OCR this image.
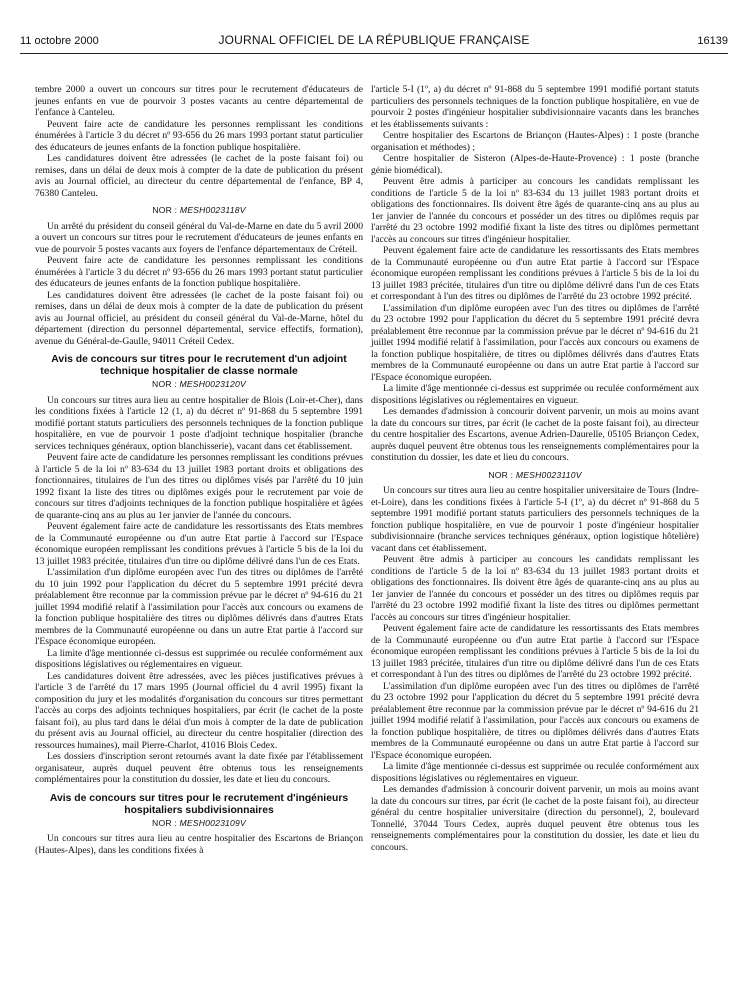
11 octobre 2000	JOURNAL OFFICIEL DE LA RÉPUBLIQUE FRANÇAISE	16139

tembre 2000 a ouvert un concours sur titres pour le recrutement d'éducateurs de jeunes enfants en vue de pourvoir 3 postes vacants au centre départemental de l'enfance à Canteleu.

Peuvent faire acte de candidature les personnes remplissant les conditions énumérées à l'article 3 du décret nº 93-656 du 26 mars 1993 portant statut particulier des éducateurs de jeunes enfants de la fonction publique hospitalière.

Les candidatures doivent être adressées (le cachet de la poste faisant foi) ou remises, dans un délai de deux mois à compter de la date de publication du présent avis au Journal officiel, au directeur du centre départemental de l'enfance, BP 4, 76380 Canteleu.

NOR : MESH0023118V

Un arrêté du président du conseil général du Val-de-Marne en date du 5 avril 2000 a ouvert un concours sur titres pour le recrutement d'éducateurs de jeunes enfants en vue de pourvoir 5 postes vacants aux foyers de l'enfance départementaux de Créteil.

Peuvent faire acte de candidature les personnes remplissant les conditions énumérées à l'article 3 du décret nº 93-656 du 26 mars 1993 portant statut particulier des éducateurs de jeunes enfants de la fonction publique hospitalière.

Les candidatures doivent être adressées (le cachet de la poste faisant foi) ou remises, dans un délai de deux mois à compter de la date de publication du présent avis au Journal officiel, au président du conseil général du Val-de-Marne, hôtel du département (direction du personnel départemental, service effectifs, formation), avenue du Général-de-Gaulle, 94011 Créteil Cedex.

Avis de concours sur titres pour le recrutement d'un adjoint technique hospitalier de classe normale
NOR : MESH0023120V

Un concours sur titres aura lieu au centre hospitalier de Blois (Loir-et-Cher), dans les conditions fixées à l'article 12 (1, a) du décret nº 91-868 du 5 septembre 1991 modifié portant statuts particuliers des personnels techniques de la fonction publique hospitalière, en vue de pourvoir 1 poste d'adjoint technique hospitalier (branche services techniques généraux, option blanchisserie), vacant dans cet établissement.

Peuvent faire acte de candidature les personnes remplissant les conditions prévues à l'article 5 de la loi nº 83-634 du 13 juillet 1983 portant droits et obligations des fonctionnaires, titulaires de l'un des titres ou diplômes visés par l'arrêté du 10 juin 1992 fixant la liste des titres ou diplômes exigés pour le recrutement par voie de concours sur titres d'adjoints techniques de la fonction publique hospitalière et âgées de quarante-cinq ans au plus au 1er janvier de l'année du concours.

Peuvent également faire acte de candidature les ressortissants des Etats membres de la Communauté européenne ou d'un autre Etat partie à l'accord sur l'Espace économique européen remplissant les conditions prévues à l'article 5 bis de la loi du 13 juillet 1983 précitée, titulaires d'un titre ou diplôme délivré dans l'un de ces Etats.

L'assimilation d'un diplôme européen avec l'un des titres ou diplômes de l'arrêté du 10 juin 1992 pour l'application du décret du 5 septembre 1991 précité devra préalablement être reconnue par la commission prévue par le décret nº 94-616 du 21 juillet 1994 modifié relatif à l'assimilation pour l'accès aux concours ou examens de la fonction publique hospitalière des titres ou diplômes délivrés dans d'autres Etats membres de la Communauté européenne ou dans un autre Etat partie à l'accord sur l'Espace économique européen.

La limite d'âge mentionnée ci-dessus est supprimée ou reculée conformément aux dispositions législatives ou réglementaires en vigueur.

Les candidatures doivent être adressées, avec les pièces justificatives prévues à l'article 3 de l'arrêté du 17 mars 1995 (Journal officiel du 4 avril 1995) fixant la composition du jury et les modalités d'organisation du concours sur titres permettant l'accès au corps des adjoints techniques hospitaliers, par écrit (le cachet de la poste faisant foi), au plus tard dans le délai d'un mois à compter de la date de publication du présent avis au Journal officiel, au directeur du centre hospitalier (direction des ressources humaines), mail Pierre-Charlot, 41016 Blois Cedex.

Les dossiers d'inscription seront retournés avant la date fixée par l'établissement organisateur, auprès duquel peuvent être obtenus tous les renseignements complémentaires pour la constitution du dossier, les date et lieu du concours.

Avis de concours sur titres pour le recrutement d'ingénieurs hospitaliers subdivisionnaires
NOR : MESH0023109V

Un concours sur titres aura lieu au centre hospitalier des Escartons de Briançon (Hautes-Alpes), dans les conditions fixées à

l'article 5-I (1º, a) du décret nº 91-868 du 5 septembre 1991 modifié portant statuts particuliers des personnels techniques de la fonction publique hospitalière, en vue de pourvoir 2 postes d'ingénieur hospitalier subdivisionnaire vacants dans les branches et les établissements suivants :

Centre hospitalier des Escartons de Briançon (Hautes-Alpes) : 1 poste (branche organisation et méthodes) ;

Centre hospitalier de Sisteron (Alpes-de-Haute-Provence) : 1 poste (branche génie biomédical).

Peuvent être admis à participer au concours les candidats remplissant les conditions de l'article 5 de la loi nº 83-634 du 13 juillet 1983 portant droits et obligations des fonctionnaires. Ils doivent être âgés de quarante-cinq ans au plus au 1er janvier de l'année du concours et posséder un des titres ou diplômes requis par l'arrêté du 23 octobre 1992 modifié fixant la liste des titres ou diplômes permettant l'accès au concours sur titres d'ingénieur hospitalier.

Peuvent également faire acte de candidature les ressortissants des Etats membres de la Communauté européenne ou d'un autre Etat partie à l'accord sur l'Espace économique européen remplissant les conditions prévues à l'article 5 bis de la loi du 13 juillet 1983 précitée, titulaires d'un titre ou diplôme délivré dans l'un de ces Etats et correspondant à l'un des titres ou diplômes de l'arrêté du 23 octobre 1992 précité.

L'assimilation d'un diplôme européen avec l'un des titres ou diplômes de l'arrêté du 23 octobre 1992 pour l'application du décret du 5 septembre 1991 précité devra préalablement être reconnue par la commission prévue par le décret nº 94-616 du 21 juillet 1994 modifié relatif à l'assimilation, pour l'accès aux concours ou examens de la fonction publique hospitalière, de titres ou diplômes délivrés dans d'autres Etats membres de la Communauté européenne ou dans un autre Etat partie à l'accord sur l'Espace économique européen.

La limite d'âge mentionnée ci-dessus est supprimée ou reculée conformément aux dispositions législatives ou réglementaires en vigueur.

Les demandes d'admission à concourir doivent parvenir, un mois au moins avant la date du concours sur titres, par écrit (le cachet de la poste faisant foi), au directeur du centre hospitalier des Escartons, avenue Adrien-Daurelle, 05105 Briançon Cedex, auprès duquel peuvent être obtenus tous les renseignements complémentaires pour la constitution du dossier, les date et lieu du concours.

NOR : MESH0023110V

Un concours sur titres aura lieu au centre hospitalier universitaire de Tours (Indre-et-Loire), dans les conditions fixées à l'article 5-I (1º, a) du décret nº 91-868 du 5 septembre 1991 modifié portant statuts particuliers des personnels techniques de la fonction publique hospitalière, en vue de pourvoir 1 poste d'ingénieur hospitalier subdivisionnaire (branche services techniques généraux, option logistique hôtelière) vacant dans cet établissement.

Peuvent être admis à participer au concours les candidats remplissant les conditions de l'article 5 de la loi nº 83-634 du 13 juillet 1983 portant droits et obligations des fonctionnaires. Ils doivent être âgés de quarante-cinq ans au plus au 1er janvier de l'année du concours et posséder un des titres ou diplômes requis par l'arrêté du 23 octobre 1992 modifié fixant la liste des titres ou diplômes permettant l'accès au concours sur titres d'ingénieur hospitalier.

Peuvent également faire acte de candidature les ressortissants des Etats membres de la Communauté européenne ou d'un autre Etat partie à l'accord sur l'Espace économique européen remplissant les conditions prévues à l'article 5 bis de la loi du 13 juillet 1983 précitée, titulaires d'un titre ou diplôme délivré dans l'un de ces Etats et correspondant à l'un des titres ou diplômes de l'arrêté du 23 octobre 1992 précité.

L'assimilation d'un diplôme européen avec l'un des titres ou diplômes de l'arrêté du 23 octobre 1992 pour l'application du décret du 5 septembre 1991 précité devra préalablement être reconnue par la commission prévue par le décret nº 94-616 du 21 juillet 1994 modifié relatif à l'assimilation, pour l'accès aux concours ou examens de la fonction publique hospitalière, de titres ou diplômes délivrés dans d'autres Etats membres de la Communauté européenne ou dans un autre Etat partie à l'accord sur l'Espace économique européen.

La limite d'âge mentionnée ci-dessus est supprimée ou reculée conformément aux dispositions législatives ou réglementaires en vigueur.

Les demandes d'admission à concourir doivent parvenir, un mois au moins avant la date du concours sur titres, par écrit (le cachet de la poste faisant foi), au directeur général du centre hospitalier universitaire (direction du personnel), 2, boulevard Tonnellé, 37044 Tours Cedex, auprès duquel peuvent être obtenus tous les renseignements complémentaires pour la constitution du dossier, les date et lieu du concours.
